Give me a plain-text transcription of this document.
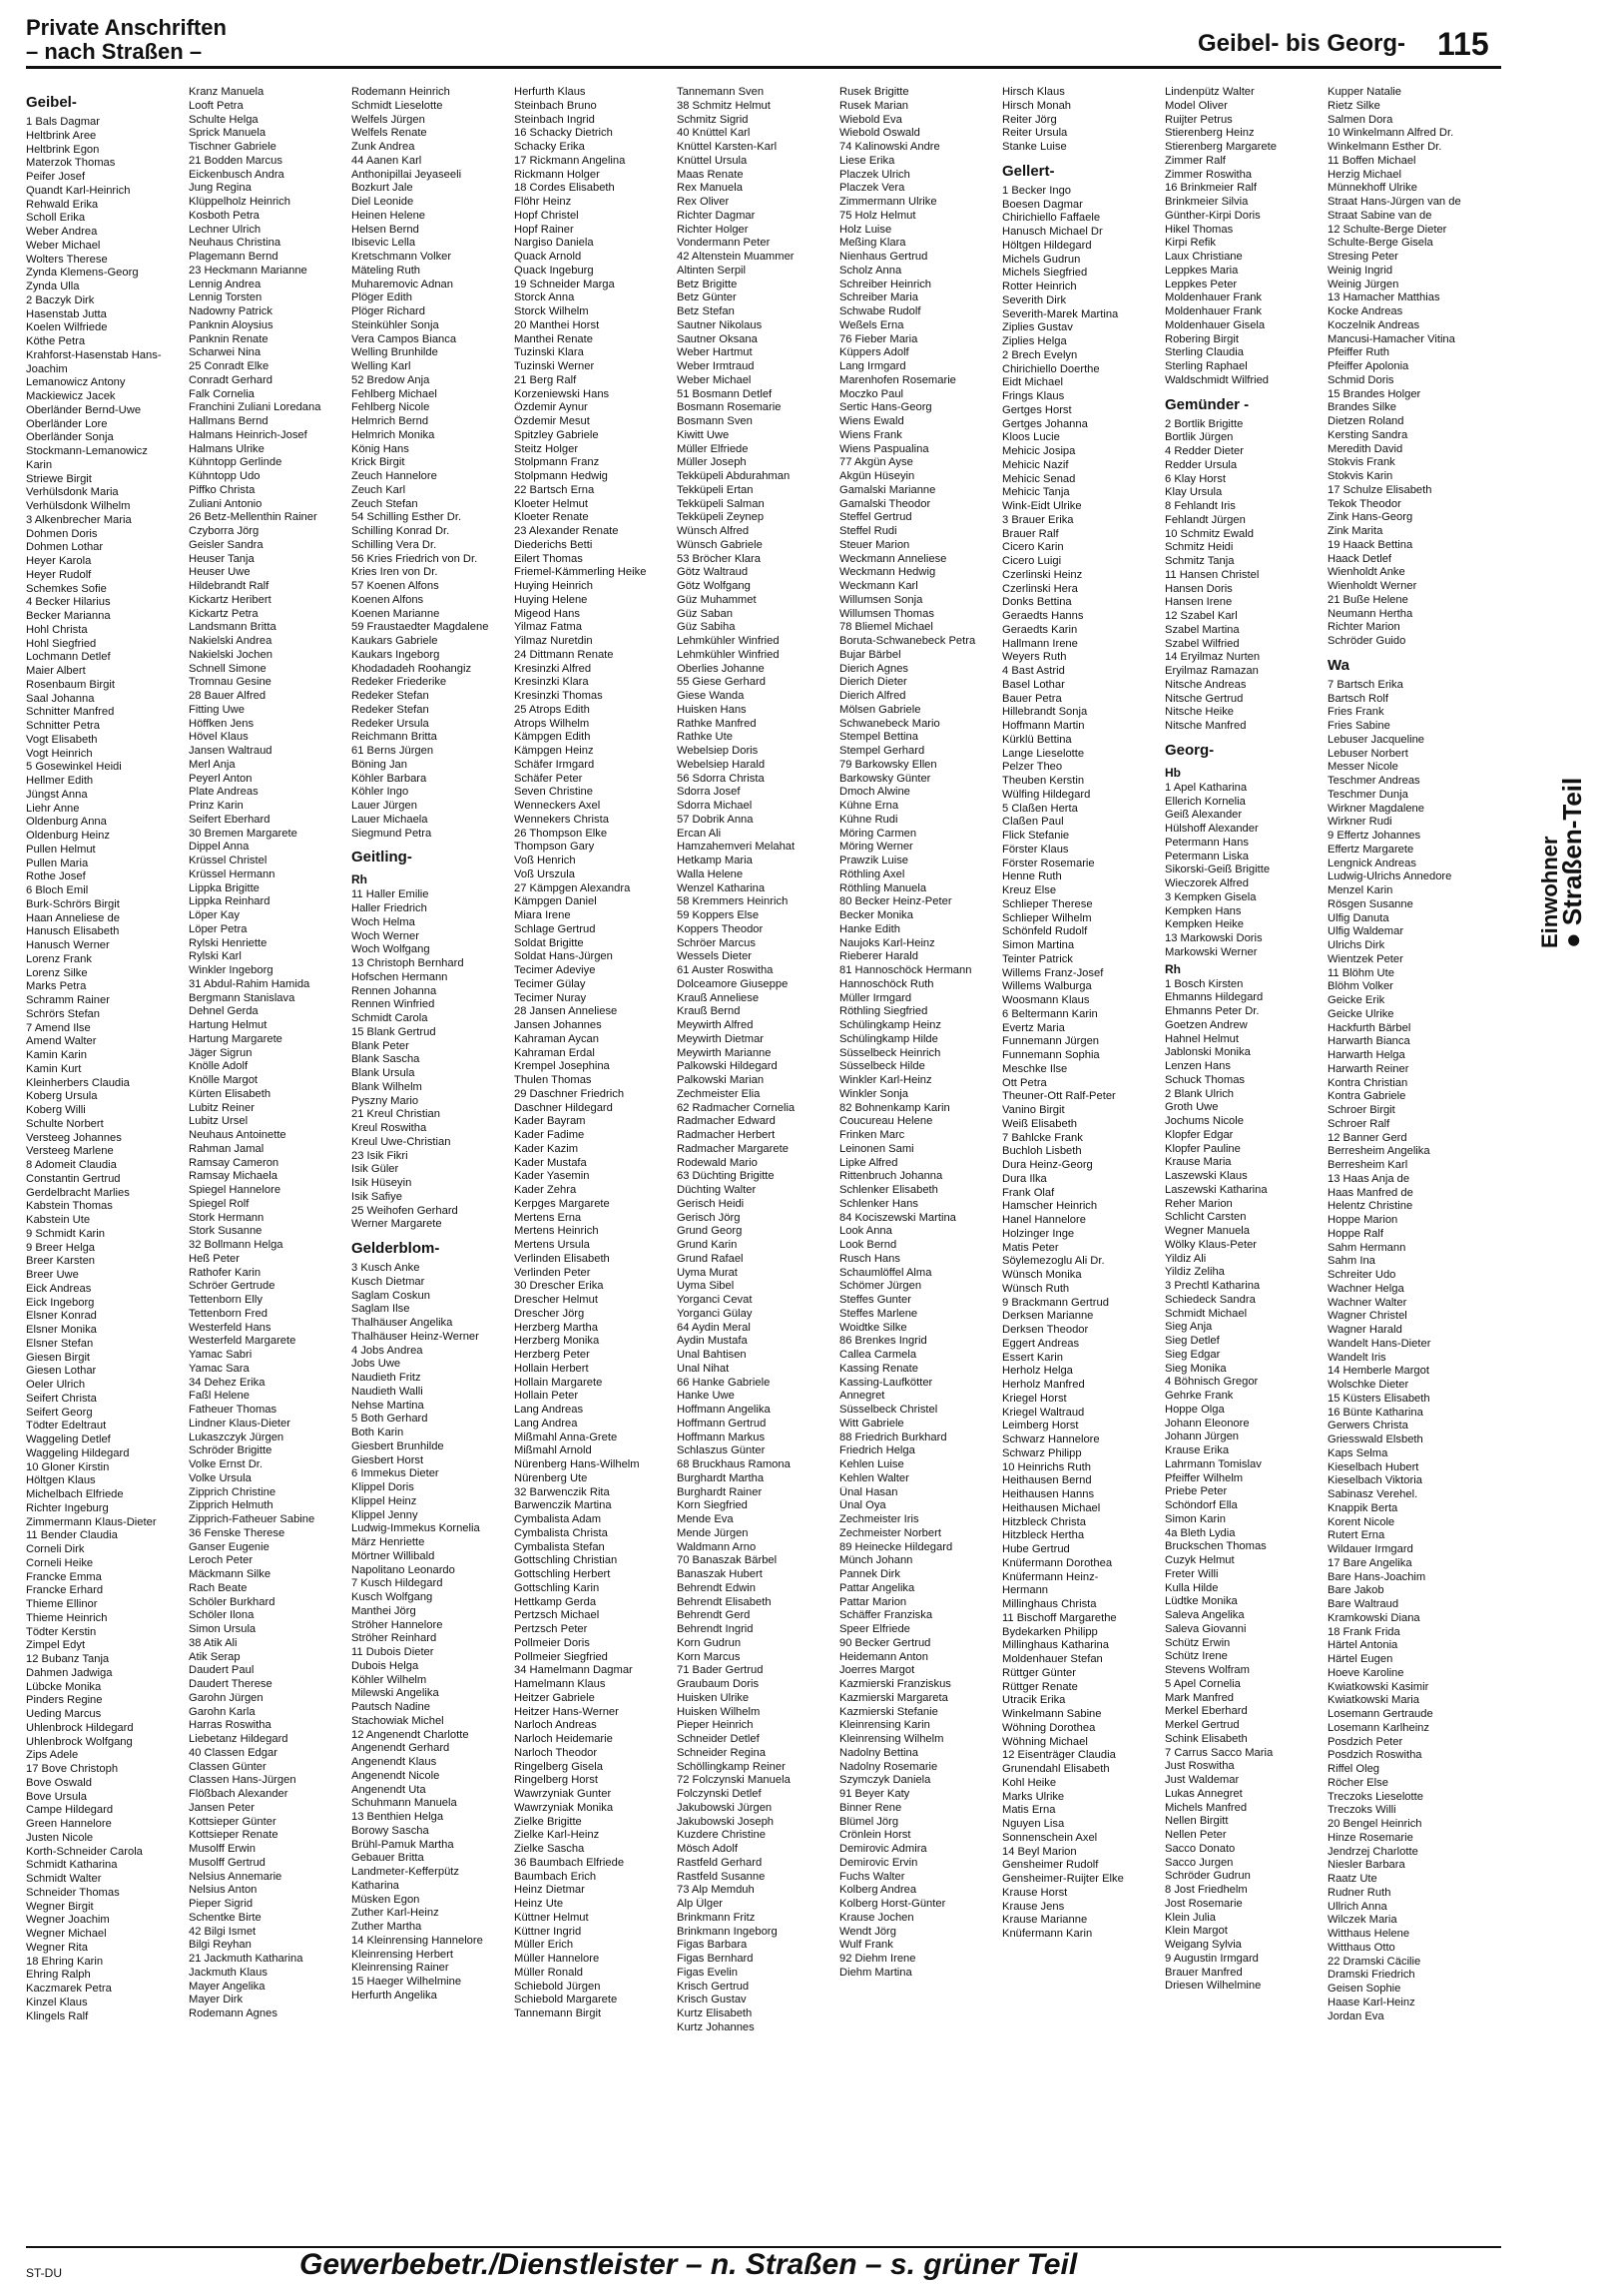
Private Anschriften
– nach Straßen –	Geibel- bis Georg- 115
Geibel-
1 Bals Dagmar
Heltbrink Aree
Heltbrink Egon
Materzok Thomas
Peifer Josef
Quandt Karl-Heinrich
Rehwald Erika
Scholl Erika
Weber Andrea
Weber Michael
Wolters Therese
Zynda Klemens-Georg
Zynda Ulla
2 Baczyk Dirk
Hasenstab Jutta
Koelen Wilfriede
Köthe Petra
Krahforst-Hasenstab Hans-
Joachim
Lemanowicz Antony
Mackiewicz Jacek
Oberländer Bernd-Uwe
Oberländer Lore
Oberländer Sonja
Stockmann-Lemanowicz
Karin
Striewe Birgit
Verhülsdonk Maria
Verhülsdonk Wilhelm
3 Alkenbrecher Maria
Dohmen Doris
Dohmen Lothar
Heyer Karola
Heyer Rudolf
Schemkes Sofie
4 Becker Hilarius
Becker Marianna
Hohl Christa
Hohl Siegfried
Lochmann Detlef
Maier Albert
Rosenbaum Birgit
Saal Johanna
Schnitter Manfred
Schnitter Petra
Vogt Elisabeth
Vogt Heinrich
5 Gosewinkel Heidi
Hellmer Edith
Jüngst Anna
Liehr Anne
Oldenburg Anna
Oldenburg Heinz
Pullen Helmut
Pullen Maria
Rothe Josef
6 Bloch Emil
Burk-Schrörs Birgit
Haan Anneliese de
Hanusch Elisabeth
Hanusch Werner
Lorenz Frank
Lorenz Silke
Marks Petra
Schramm Rainer
Schrörs Stefan
7 Amend Ilse
Amend Walter
Kamin Karin
Kamin Kurt
Kleinherbers Claudia
Koberg Ursula
Koberg Willi
Schulte Norbert
Versteeg Johannes
Versteeg Marlene
8 Adomeit Claudia
Constantin Gertrud
Gerdelbracht Marlies
Kabstein Thomas
Kabstein Ute
9 Schmidt Karin
9 Breer Helga
Breer Karsten
Breer Uwe
Eick Andreas
Eick Ingeborg
Elsner Konrad
Elsner Monika
Elsner Stefan
Giesen Birgit
Giesen Lothar
Oeler Ulrich
Seifert Christa
Seifert Georg
Tödter Edeltraut
Waggeling Detlef
Waggeling Hildegard
10 Gloner Kirstin
Höltgen Klaus
Michelbach Elfriede
Richter Ingeburg
Zimmermann Klaus-Dieter
11 Bender Claudia
Corneli Dirk
Corneli Heike
Francke Emma
Francke Erhard
Thieme Ellinor
Thieme Heinrich
Tödter Kerstin
Zimpel Edyt
12 Bubanz Tanja
Dahmen Jadwiga
Lübcke Monika
Pinders Regine
Ueding Marcus
Uhlenbrock Hildegard
Uhlenbrock Wolfgang
Zips Adele
17 Bove Christoph
Bove Oswald
Bove Ursula
Campe Hildegard
Green Hannelore
Justen Nicole
Korth-Schneider Carola
Schmidt Katharina
Schmidt Walter
Schneider Thomas
Wegner Birgit
Wegner Joachim
Wegner Michael
Wegner Rita
18 Ehring Karin
Ehring Ralph
Kaczmarek Petra
Kinzel Klaus
Klingels Ralf
Kranz Manuela
Looft Petra
Schulte Helga
Sprick Manuela
Tischner Gabriele
21 Bodden Marcus
Eickenbusch Andra
Jung Regina
Klüppelholz Heinrich
Kosboth Petra
Lechner Ulrich
Neuhaus Christina
Plagemann Bernd
23 Heckmann Marianne
Lennig Andrea
Lennig Torsten
Nadowny Patrick
Panknin Aloysius
Panknin Renate
Scharwei Nina
25 Conradt Elke
Conradt Gerhard
Falk Cornelia
Franchini Zuliani Loredana
Hallmans Bernd
Halmans Heinrich-Josef
Halmans Ulrike
Kühntopp Gerlinde
Kühntopp Udo
Piffko Christa
Zuliani Antonio
26 Betz-Mellenthin Rainer
Czyborra Jörg
Geisler Sandra
Heuser Tanja
Heuser Uwe
Hildebrandt Ralf
Kickartz Heribert
Kickartz Petra
Landsmann Britta
Nakielski Andrea
Nakielski Jochen
Schnell Simone
Tromnau Gesine
28 Bauer Alfred
Fitting Uwe
Höffken Jens
Hövel Klaus
Jansen Waltraud
Merl Anja
Peyerl Anton
Plate Andreas
Prinz Karin
Seifert Eberhard
30 Bremen Margarete
Dippel Anna
Krüssel Christel
Krüssel Hermann
Lippka Brigitte
Lippka Reinhard
Löper Kay
Löper Petra
Rylski Henriette
Rylski Karl
Winkler Ingeborg
31 Abdul-Rahim Hamida
Bergmann Stanislava
Dehnel Gerda
Hartung Helmut
Hartung Margarete
Jäger Sigrun
Knölle Adolf
Knölle Margot
Kürten Elisabeth
Lubitz Reiner
Lubitz Ursel
Neuhaus Antoinette
Rahman Jamal
Ramsay Cameron
Ramsay Michaela
Spiegel Hannelore
Spiegel Rolf
Stork Hermann
Stork Susanne
32 Bollmann Helga
Heß Peter
Rathofer Karin
Schröer Gertrude
Tettenborn Elly
Tettenborn Fred
Westerfeld Hans
Westerfeld Margarete
Yamac Sabri
Yamac Sara
34 Dehez Erika
Faßl Helene
Fatheuer Thomas
Lindner Klaus-Dieter
Lukaszczyk Jürgen
Schröder Brigitte
Volke Ernst Dr.
Volke Ursula
Zipprich Christine
Zipprich Helmuth
Zipprich-Fatheuer Sabine
36 Fenske Therese
Ganser Eugenie
Leroch Peter
Mäckmann Silke
Rach Beate
Schöler Burkhard
Schöler Ilona
Simon Ursula
38 Atik Ali
Atik Serap
Daudert Paul
Daudert Therese
Garohn Jürgen
Garohn Karla
Harras Roswitha
Liebetanz Hildegard
40 Classen Edgar
Classen Günter
Classen Hans-Jürgen
Flößbach Alexander
Jansen Peter
Kottsieper Günter
Kottsieper Renate
Musolff Erwin
Musolff Gertrud
Nelsius Annemarie
Nelsius Anton
Pieper Sigrid
Schentke Birte
42 Bilgi Ismet
Bilgi Reyhan
21 Jackmuth Katharina
Jackmuth Klaus
Mayer Angelika
Mayer Dirk
Rodemann Agnes
Rodemann Heinrich
Schmidt Lieselotte
Welfels Jürgen
Welfels Renate
Zunk Andrea
44 Aanen Karl
Anthonipillai Jeyaseeli
Bozkurt Jale
Diel Leonide
Heinen Helene
Helsen Bernd
Ibisevic Lella
Kretschmann Volker
Mäteling Ruth
Muharemovic Adnan
Plöger Edith
Plöger Richard
Steinkühler Sonja
Vera Campos Bianca
Welling Brunhilde
Welling Karl
52 Bredow Anja
Fehlberg Michael
Fehlberg Nicole
Helmrich Bernd
Helmrich Monika
König Hans
Krick Birgit
Zeuch Hannelore
Zeuch Karl
Zeuch Stefan
54 Schilling Esther Dr.
Schilling Konrad Dr.
Schilling Vera Dr.
56 Kries Friedrich von Dr.
Kries Iren von Dr.
57 Koenen Alfons
Koenen Alfons
Koenen Marianne
59 Fraustaedter Magdalene
Kaukars Gabriele
Kaukars Ingeborg
Khodadadeh Roohangiz
Redeker Friederike
Redeker Stefan
Redeker Stefan
Redeker Ursula
Reichmann Britta
61 Berns Jürgen
Böning Jan
Köhler Barbara
Köhler Ingo
Lauer Jürgen
Lauer Michaela
Siegmund Petra
Geitling-
Rh
11 Haller Emilie
Haller Friedrich
Woch Helma
Woch Werner
Woch Wolfgang
13 Christoph Bernhard
Hofschen Hermann
Rennen Johanna
Rennen Winfried
Schmidt Carola
15 Blank Gertrud
Blank Peter
Blank Sascha
Blank Ursula
Blank Wilhelm
Pyszny Mario
21 Kreul Christian
Kreul Roswitha
Kreul Uwe-Christian
23 Isik Fikri
Isik Güler
Isik Hüseyin
Isik Safiye
25 Weihofen Gerhard
Werner Margarete
Gelderblom-
3 Kusch Anke
Kusch Dietmar
Saglam Coskun
Saglam Ilse
Thalhäuser Angelika
Thalhäuser Heinz-Werner
4 Jobs Andrea
Jobs Uwe
Naudieth Fritz
Naudieth Walli
Nehse Martina
5 Both Gerhard
Both Karin
Giesbert Brunhilde
Giesbert Horst
6 Immekus Dieter
Klippel Doris
Klippel Heinz
Klippel Jenny
Ludwig-Immekus Kornelia
März Henriette
Mörtner Willibald
Napolitano Leonardo
7 Kusch Hildegard
Kusch Wolfgang
Manthei Jörg
Ströher Hannelore
Ströher Reinhard
11 Dubois Dieter
Dubois Helga
Köhler Wilhelm
Milewski Angelika
Pautsch Nadine
Stachowiak Michel
12 Angenendt Charlotte
Angenendt Gerhard
Angenendt Klaus
Angenendt Nicole
Angenendt Uta
Schuhmann Manuela
13 Benthien Helga
Borowy Sascha
Brühl-Pamuk Martha
Gebauer Britta
Landmeter-Kefferpütz
Katharina
Müsken Egon
Zuther Karl-Heinz
Zuther Martha
14 Kleinrensing Hannelore
Kleinrensing Herbert
Kleinrensing Rainer
15 Haeger Wilhelmine
Herfurth Angelika
Herfurth Klaus
Steinbach Bruno
Steinbach Ingrid
16 Schacky Dietrich
Schacky Erika
17 Rickmann Angelina
Rickmann Holger
18 Cordes Elisabeth
Flöhr Heinz
Hopf Christel
Hopf Rainer
Nargiso Daniela
Quack Arnold
Quack Ingeburg
19 Schneider Marga
Storck Anna
Storck Wilhelm
20 Manthei Horst
Manthei Renate
Tuzinski Klara
Tuzinski Werner
21 Berg Ralf
Korzeniewski Hans
Özdemir Aynur
Özdemir Mesut
Spitzley Gabriele
Steitz Holger
Stolpmann Franz
Stolpmann Hedwig
22 Bartsch Erna
Kloeter Helmut
Kloeter Renate
23 Alexander Renate
Diederichs Betti
Eilert Thomas
Friemel-Kämmerling Heike
Huying Heinrich
Huying Helene
Migeod Hans
Yilmaz Fatma
Yilmaz Nuretdin
24 Dittmann Renate
Kresinzki Alfred
Kresinzki Klara
Kresinzki Thomas
25 Atrops Edith
Atrops Wilhelm
Kämpgen Edith
Kämpgen Heinz
Schäfer Irmgard
Schäfer Peter
Seven Christine
Wenneckers Axel
Wennekers Christa
26 Thompson Elke
Thompson Gary
Voß Henrich
Voß Urszula
27 Kämpgen Alexandra
Kämpgen Daniel
Miara Irene
Schlage Gertrud
Soldat Brigitte
Soldat Hans-Jürgen
Tecimer Adeviye
Tecimer Gülay
Tecimer Nuray
28 Jansen Anneliese
Jansen Johannes
Kahraman Aycan
Kahraman Erdal
Krempel Josephina
Thulen Thomas
29 Daschner Friedrich
Daschner Hildegard
Kader Bayram
Kader Fadime
Kader Kazim
Kader Mustafa
Kader Yasemin
Kader Zehra
Kerpges Margarete
Mertens Erna
Mertens Heinrich
Mertens Ursula
Verlinden Elisabeth
Verlinden Peter
30 Drescher Erika
Drescher Helmut
Drescher Jörg
Herzberg Martha
Herzberg Monika
Herzberg Peter
Hollain Herbert
Hollain Margarete
Hollain Peter
Lang Andreas
Lang Andrea
Mißmahl Anna-Grete
Mißmahl Arnold
Nürenberg Hans-Wilhelm
Nürenberg Ute
32 Barwenczik Rita
Barwenczik Martina
Cymbalista Adam
Cymbalista Christa
Cymbalista Stefan
Gottschling Christian
Gottschling Herbert
Gottschling Karin
Hettkamp Gerda
Pertzsch Michael
Pertzsch Peter
Pollmeier Doris
Pollmeier Siegfried
34 Hamelmann Dagmar
Hamelmann Klaus
Heitzer Gabriele
Heitzer Hans-Werner
Narloch Andreas
Narloch Heidemarie
Narloch Theodor
Ringelberg Gisela
Ringelberg Horst
Wawrzyniak Gunter
Wawrzyniak Monika
Zielke Brigitte
Zielke Karl-Heinz
Zielke Sascha
36 Baumbach Elfriede
Baumbach Erich
Heinz Dietmar
Heinz Ute
Küttner Helmut
Küttner Ingrid
Müller Erich
Müller Hannelore
Müller Ronald
Schiebold Jürgen
Schiebold Margarete
Tannemann Birgit
Tannemann Sven
38 Schmitz Helmut
Schmitz Sigrid
40 Knüttel Karl
Knüttel Karsten-Karl
Knüttel Ursula
Maas Renate
Rex Manuela
Rex Oliver
Richter Dagmar
Richter Holger
Vondermann Peter
42 Altenstein Muammer
Altinten Serpil
Betz Brigitte
Betz Günter
Betz Stefan
Sautner Nikolaus
Sautner Oksana
Weber Hartmut
Weber Irmtraud
Weber Michael
51 Bosmann Detlef
Bosmann Rosemarie
Bosmann Sven
Kiwitt Uwe
Müller Elfriede
Müller Joseph
Tekküpeli Abdurahman
Tekküpeli Ertan
Tekküpeli Salman
Tekküpeli Zeynep
Wünsch Alfred
Wünsch Gabriele
53 Bröcher Klara
Götz Waltraud
Götz Wolfgang
Güz Muhammet
Güz Saban
Güz Sabiha
Lehmkühler Winfried
Lehmkühler Winfried
Oberlies Johanne
55 Giese Gerhard
Giese Wanda
Huisken Hans
Rathke Manfred
Rathke Ute
Webelsiep Doris
Webelsiep Harald
56 Sdorra Christa
Sdorra Josef
Sdorra Michael
57 Dobrik Anna
Ercan Ali
Hamzahemveri Melahat
Hetkamp Maria
Walla Helene
Wenzel Katharina
58 Kremmers Heinrich
59 Koppers Else
Koppers Theodor
Schröer Marcus
Wessels Dieter
61 Auster Roswitha
Dolceamore Giuseppe
Krauß Anneliese
Krauß Bernd
Meywirth Alfred
Meywirth Dietmar
Meywirth Marianne
Palkowski Hildegard
Palkowski Marian
Zechmeister Elia
62 Radmacher Cornelia
Radmacher Edward
Radmacher Herbert
Radmacher Margarete
Rodewald Mario
63 Düchting Brigitte
Düchting Walter
Gerisch Heidi
Gerisch Jörg
Grund Georg
Grund Karin
Grund Rafael
Uyma Murat
Uyma Sibel
Yorganci Cevat
Yorganci Gülay
64 Aydin Meral
Aydin Mustafa
Unal Bahtisen
Unal Nihat
66 Hanke Gabriele
Hanke Uwe
Hoffmann Angelika
Hoffmann Gertrud
Hoffmann Markus
Schlaszus Günter
68 Bruckhaus Ramona
Burghardt Martha
Burghardt Rainer
Korn Siegfried
Mende Eva
Mende Jürgen
Waldmann Arno
70 Banaszak Bärbel
Banaszak Hubert
Behrendt Edwin
Behrendt Elisabeth
Behrendt Gerd
Behrendt Ingrid
Korn Gudrun
Korn Marcus
71 Bader Gertrud
Graubaum Doris
Huisken Ulrike
Huisken Wilhelm
Pieper Heinrich
Schneider Detlef
Schneider Regina
Schöllingkamp Reiner
72 Folczynski Manuela
Folczynski Detlef
Jakubowski Jürgen
Jakubowski Joseph
Kuzdere Christine
Mösch Adolf
Rastfeld Gerhard
Rastfeld Susanne
73 Alp Memduh
Alp Ülger
Brinkmann Fritz
Brinkmann Ingeborg
Figas Barbara
Figas Bernhard
Figas Evelin
Krisch Gertrud
Krisch Gustav
Kurtz Elisabeth
Kurtz Johannes
Rusek Brigitte
Rusek Marian
Wiebold Eva
Wiebold Oswald
74 Kalinowski Andre
Liese Erika
Placzek Ulrich
Placzek Vera
Zimmermann Ulrike
75 Holz Helmut
Holz Luise
Meßing Klara
Nienhaus Gertrud
Scholz Anna
Schreiber Heinrich
Schreiber Maria
Schwabe Rudolf
Weßels Erna
76 Fieber Maria
Küppers Adolf
Lang Irmgard
Marenhofen Rosemarie
Moczko Paul
Sertic Hans-Georg
Wiens Ewald
Wiens Frank
Wiens Paspualina
77 Akgün Ayse
Akgün Hüseyin
Gamalski Marianne
Gamalski Theodor
Steffel Gertrud
Steffel Rudi
Steuer Marion
Weckmann Anneliese
Weckmann Hedwig
Weckmann Karl
Willumsen Sonja
Willumsen Thomas
78 Bliemel Michael
Boruta-Schwanebeck Petra
Bujar Bärbel
Dierich Agnes
Dierich Dieter
Dierich Alfred
Mölsen Gabriele
Schwanebeck Mario
Stempel Bettina
Stempel Gerhard
79 Barkowsky Ellen
Barkowsky Günter
Dmoch Alwine
Kühne Erna
Kühne Rudi
Möring Carmen
Möring Werner
Prawzik Luise
Röthling Axel
Röthling Manuela
80 Becker Heinz-Peter
Becker Monika
Hanke Edith
Naujoks Karl-Heinz
Rieberer Harald
81 Hannoschöck Hermann
Hannoschöck Ruth
Müller Irmgard
Röthling Siegfried
Schülingkamp Heinz
Schülingkamp Hilde
Süsselbeck Heinrich
Süsselbeck Hilde
Winkler Karl-Heinz
Winkler Sonja
82 Bohnenkamp Karin
Coucureau Helene
Frinken Marc
Leinonen Sami
Lipke Alfred
Rittenbruch Johanna
Schlenker Elisabeth
Schlenker Hans
84 Kociszewski Martina
Look Anna
Look Bernd
Rusch Hans
Schaumlöffel Alma
Schömer Jürgen
Steffes Gunter
Steffes Marlene
Woidtke Silke
86 Brenkes Ingrid
Callea Carmela
Kassing Renate
Kassing-Laufkötter
Annegret
Süsselbeck Christel
Witt Gabriele
88 Friedrich Burkhard
Friedrich Helga
Kehlen Luise
Kehlen Walter
Ünal Hasan
Ünal Oya
Zechmeister Iris
Zechmeister Norbert
89 Heinecke Hildegard
Münch Johann
Pannek Dirk
Pattar Angelika
Pattar Marion
Schäffer Franziska
Speer Elfriede
90 Becker Gertrud
Heidemann Anton
Joerres Margot
Kazmierski Franziskus
Kazmierski Margareta
Kazmierski Stefanie
Kleinrensing Karin
Kleinrensing Wilhelm
Nadolny Bettina
Nadolny Rosemarie
Szymczyk Daniela
91 Beyer Katy
Binner Rene
Blümel Jörg
Crönlein Horst
Demirovic Admira
Demirovic Ervin
Fuchs Walter
Kolberg Andrea
Kolberg Horst-Günter
Krause Jochen
Wendt Jörg
Wulf Frank
92 Diehm Irene
Diehm Martina
Hirsch Klaus
Hirsch Monah
Reiter Jörg
Reiter Ursula
Stanke Luise
Gellert-
1 Becker Ingo
Boesen Dagmar
Chirichiello Faffaele
Hanusch Michael Dr
Höltgen Hildegard
Michels Gudrun
Michels Siegfried
Rotter Heinrich
Severith Dirk
Severith-Marek Martina
Ziplies Gustav
Ziplies Helga
2 Brech Evelyn
Chirichiello Doerthe
Eidt Michael
Frings Klaus
Gertges Horst
Gertges Johanna
Kloos Lucie
Mehicic Josipa
Mehicic Nazif
Mehicic Senad
Mehicic Tanja
Wink-Eidt Ulrike
3 Brauer Erika
Brauer Ralf
Cicero Karin
Cicero Luigi
Czerlinski Heinz
Czerlinski Hera
Donks Bettina
Geraedts Hanns
Geraedts Karin
Hallmann Irene
Weyers Ruth
4 Bast Astrid
Basel Lothar
Bauer Petra
Hillebrandt Sonja
Hoffmann Martin
Kürklü Bettina
Lange Lieselotte
Pelzer Theo
Theuben Kerstin
Wülfing Hildegard
5 Claßen Herta
Claßen Paul
Flick Stefanie
Förster Klaus
Förster Rosemarie
Henne Ruth
Kreuz Else
Schlieper Therese
Schlieper Wilhelm
Schönfeld Rudolf
Simon Martina
Teinter Patrick
Willems Franz-Josef
Willems Walburga
Woosmann Klaus
6 Beltermann Karin
Evertz Maria
Funnemann Jürgen
Funnemann Sophia
Meschke Ilse
Ott Petra
Theuner-Ott Ralf-Peter
Vanino Birgit
Weiß Elisabeth
7 Bahlcke Frank
Buchloh Lisbeth
Dura Heinz-Georg
Dura Ilka
Frank Olaf
Hamscher Heinrich
Hanel Hannelore
Holzinger Inge
Matis Peter
Söylemezoglu Ali Dr.
Wünsch Monika
Wünsch Ruth
9 Brackmann Gertrud
Derksen Marianne
Derksen Theodor
Eggert Andreas
Essert Karin
Herholz Helga
Herholz Manfred
Kriegel Horst
Kriegel Waltraud
Leimberg Horst
Schwarz Hannelore
Schwarz Philipp
10 Heinrichs Ruth
Heithausen Bernd
Heithausen Hanns
Heithausen Michael
Hitzbleck Christa
Hitzbleck Hertha
Hube Gertrud
Knüfermann Dorothea
Knüfermann Heinz-
Hermann
Millinghaus Christa
11 Bischoff Margarethe
Bydekarken Philipp
Millinghaus Katharina
Moldenhauer Stefan
Rüttger Günter
Rüttger Renate
Utracik Erika
Winkelmann Sabine
Wöhning Dorothea
Wöhning Michael
12 Eisenträger Claudia
Grunendahl Elisabeth
Kohl Heike
Marks Ulrike
Matis Erna
Nguyen Lisa
Sonnenschein Axel
14 Beyl Marion
Gensheimer Rudolf
Gensheimer-Ruijter Elke
Krause Horst
Krause Jens
Krause Marianne
Knüfermann Karin
Lindenpütz Walter
Model Oliver
Ruijter Petrus
Stierenberg Heinz
Stierenberg Margarete
Zimmer Ralf
Zimmer Roswitha
16 Brinkmeier Ralf
Brinkmeier Silvia
Günther-Kirpi Doris
Hikel Thomas
Kirpi Refik
Laux Christiane
Leppkes Maria
Leppkes Peter
Moldenhauer Frank
Moldenhauer Frank
Moldenhauer Gisela
Robering Birgit
Sterling Claudia
Sterling Raphael
Waldschmidt Wilfried
Gemünder -
2 Bortlik Brigitte
Bortlik Jürgen
4 Redder Dieter
Redder Ursula
6 Klay Horst
Klay Ursula
8 Fehlandt Iris
Fehlandt Jürgen
10 Schmitz Ewald
Schmitz Heidi
Schmitz Tanja
11 Hansen Christel
Hansen Doris
Hansen Irene
12 Szabel Karl
Szabel Martina
Szabel Wilfried
14 Eryilmaz Nurten
Eryilmaz Ramazan
Nitsche Andreas
Nitsche Gertrud
Nitsche Heike
Nitsche Manfred
Georg-
Hb
1 Apel Katharina
Ellerich Kornelia
Geiß Alexander
Hülshoff Alexander
Petermann Hans
Petermann Liska
Sikorski-Geiß Brigitte
Wieczorek Alfred
3 Kempken Gisela
Kempken Hans
Kempken Heike
13 Markowski Doris
Markowski Werner
Rh
1 Bosch Kirsten
Ehmanns Hildegard
Ehmanns Peter Dr.
Goetzen Andrew
Hahnel Helmut
Jablonski Monika
Lenzen Hans
Schuck Thomas
2 Blank Ulrich
Groth Uwe
Jochums Nicole
Klopfer Edgar
Klopfer Pauline
Krause Maria
Laszewski Klaus
Laszewski Katharina
Reher Marion
Schlicht Carsten
Wegner Manuela
Wölky Klaus-Peter
Yildiz Ali
Yildiz Zeliha
3 Prechtl Katharina
Schiedeck Sandra
Schmidt Michael
Sieg Anja
Sieg Detlef
Sieg Edgar
Sieg Monika
4 Böhnisch Gregor
Gehrke Frank
Hoppe Olga
Johann Eleonore
Johann Jürgen
Krause Erika
Lahrmann Tomislav
Pfeiffer Wilhelm
Priebe Peter
Schöndorf Ella
Simon Karin
4a Bleth Lydia
Bruckschen Thomas
Cuzyk Helmut
Freter Willi
Kulla Hilde
Lüdtke Monika
Saleva Angelika
Saleva Giovanni
Schütz Erwin
Schütz Irene
Stevens Wolfram
5 Apel Cornelia
Mark Manfred
Merkel Eberhard
Merkel Gertrud
Schink Elisabeth
7 Carrus Sacco Maria
Just Roswitha
Just Waldemar
Lukas Annegret
Michels Manfred
Nellen Birgitt
Nellen Peter
Sacco Donato
Sacco Jurgen
Schröder Gudrun
8 Jost Friedhelm
Jost Rosemarie
Klein Julia
Klein Margot
Weigang Sylvia
9 Augustin Irmgard
Brauer Manfred
Driesen Wilhelmine
Kupper Natalie
Rietz Silke
Salmen Dora
10 Winkelmann Alfred Dr.
Winkelmann Esther Dr.
11 Boffen Michael
Herzig Michael
Münnekhoff Ulrike
Straat Hans-Jürgen van de
Straat Sabine van de
12 Schulte-Berge Dieter
Schulte-Berge Gisela
Stresing Peter
Weinig Ingrid
Weinig Jürgen
13 Hamacher Matthias
Kocke Andreas
Koczelnik Andreas
Mancusi-Hamacher Vitina
Pfeiffer Ruth
Pfeiffer Apolonia
Schmid Doris
15 Brandes Holger
Brandes Silke
Dietzen Roland
Kersting Sandra
Meredith David
Stokvis Frank
Stokvis Karin
17 Schulze Elisabeth
Tekok Theodor
Zink Hans-Georg
Zink Marita
19 Haack Bettina
Haack Detlef
Wienholdt Anke
Wienholdt Werner
21 Buße Helene
Neumann Hertha
Richter Marion
Schröder Guido
Wa
7 Bartsch Erika
Bartsch Rolf
Fries Frank
Fries Sabine
Lebuser Jacqueline
Lebuser Norbert
Messer Nicole
Teschmer Andreas
Teschmer Dunja
Wirkner Magdalene
Wirkner Rudi
9 Effertz Johannes
Effertz Margarete
Lengnick Andreas
Ludwig-Ulrichs Annedore
Menzel Karin
Rösgen Susanne
Ulfig Danuta
Ulfig Waldemar
Ulrichs Dirk
Wientzek Peter
11 Blöhm Ute
Blöhm Volker
Geicke Erik
Geicke Ulrike
Hackfurth Bärbel
Harwarth Bianca
Harwarth Helga
Harwarth Reiner
Kontra Christian
Kontra Gabriele
Schroer Birgit
Schroer Ralf
12 Banner Gerd
Berresheim Angelika
Berresheim Karl
13 Haas Anja de
Haas Manfred de
Helentz Christine
Hoppe Marion
Hoppe Ralf
Sahm Hermann
Sahm Ina
Schreiter Udo
Wachner Helga
Wachner Walter
Wagner Christel
Wagner Harald
Wandelt Hans-Dieter
Wandelt Iris
14 Hemberle Margot
Wolschke Dieter
15 Küsters Elisabeth
16 Bünte Katharina
Gerwers Christa
Griesswald Elsbeth
Kaps Selma
Kieselbach Hubert
Kieselbach Viktoria
Sabinasz Verehel.
Knappik Berta
Korent Nicole
Rutert Erna
Wildauer Irmgard
17 Bare Angelika
Bare Hans-Joachim
Bare Jakob
Bare Waltraud
Kramkowski Diana
18 Frank Frida
Härtel Antonia
Härtel Eugen
Hoeve Karoline
Kwiatkowski Kasimir
Kwiatkowski Maria
Losemann Gertraude
Losemann Karlheinz
Posdzich Peter
Posdzich Roswitha
Riffel Oleg
Röcher Else
Treczoks Lieselotte
Treczoks Willi
20 Bengel Heinrich
Hinze Rosemarie
Jendrzej Charlotte
Niesler Barbara
Raatz Ute
Rudner Ruth
Ullrich Anna
Wilczek Maria
Witthaus Helene
Witthaus Otto
22 Dramski Cäcilie
Dramski Friedrich
Geisen Sophie
Haase Karl-Heinz
Jordan Eva
Einwohner
● Straßen-Teil
ST-DU	Gewerbebetr./Dienstleister – n. Straßen – s. grüner Teil
